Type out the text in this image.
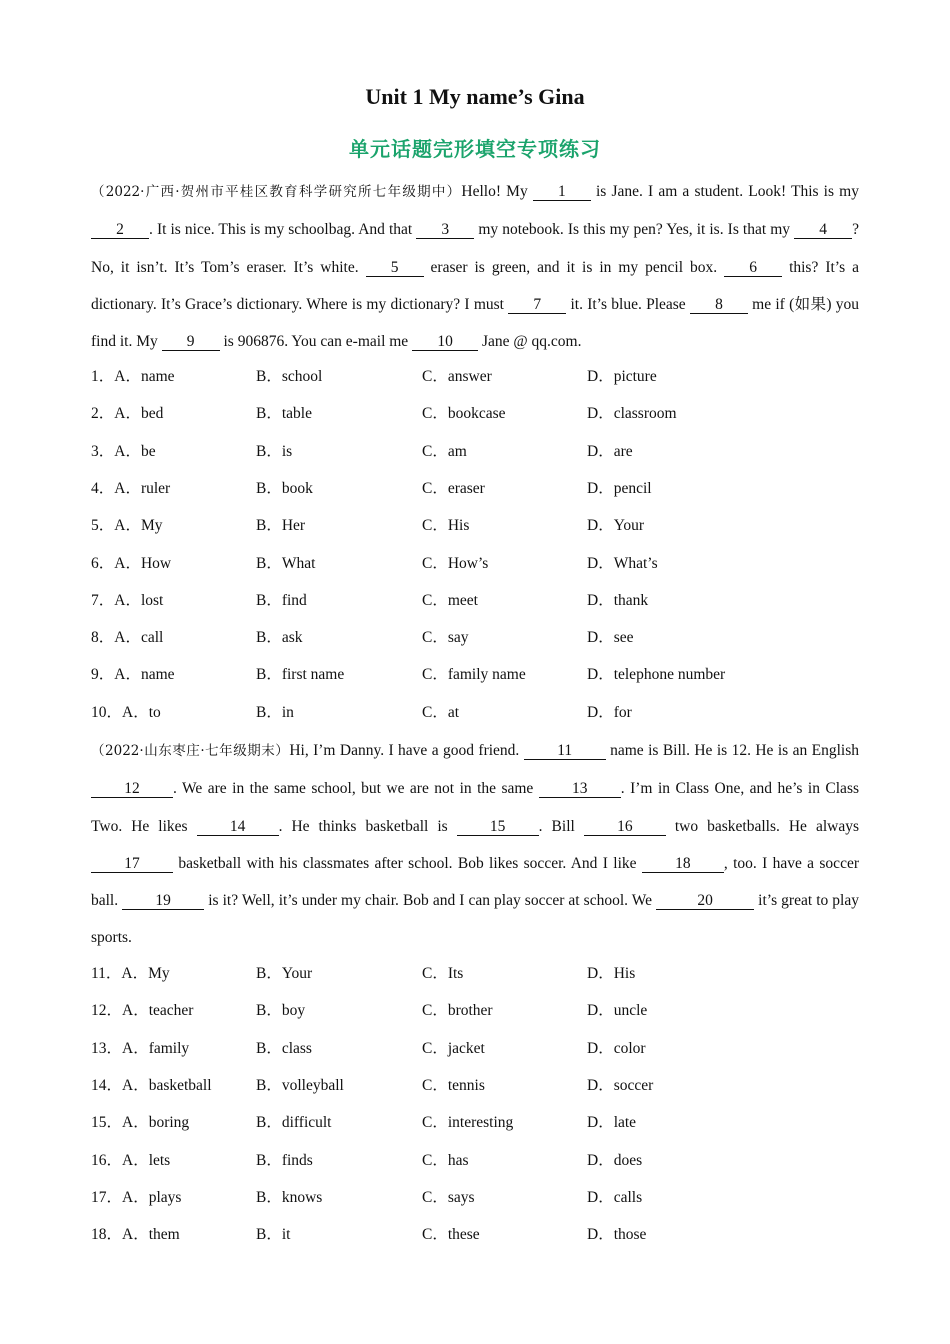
Unit 1 My name’s Gina
单元话题完形填空专项练习

（2022·广西·贺州市平桂区教育科学研究所七年级期中）Hello! My 1 is Jane. I am a student. Look! This is my 2 . It is nice. This is my schoolbag. And that 3 my notebook. Is this my pen? Yes, it is. Is that my 4 ? No, it isn’t. It’s Tom’s eraser. It’s white. 5 eraser is green, and it is in my pencil box. 6 this? It’s a dictionary. It’s Grace’s dictionary. Where is my dictionary? I must 7 it. It’s blue. Please 8 me if (如果) you find it. My 9 is 906876. You can e-mail me 10 Jane @ qq.com.

1．A．name	B．school	C．answer	D．picture
2．A．bed	B．table	C．bookcase	D．classroom
3．A．be	B．is	C．am	D．are
4．A．ruler	B．book	C．eraser	D．pencil
5．A．My	B．Her	C．His	D．Your
6．A．How	B．What	C．How’s	D．What’s
7．A．lost	B．find	C．meet	D．thank
8．A．call	B．ask	C．say	D．see
9．A．name	B．first name	C．family name	D．telephone number
10．A．to	B．in	C．at	D．for

（2022·山东枣庄·七年级期末）Hi, I’m Danny. I have a good friend. 11 name is Bill. He is 12. He is an English 12 . We are in the same school, but we are not in the same 13 . I’m in Class One, and he’s in Class Two. He likes 14 . He thinks basketball is 15 . Bill 16 two basketballs. He always 17 basketball with his classmates after school. Bob likes soccer. And I like 18 , too. I have a soccer ball. 19 is it? Well, it’s under my chair. Bob and I can play soccer at school. We	20	it’s great to play sports.

11．A．My	B．Your	C．Its	D．His
12．A．teacher	B．boy	C．brother	D．uncle
13．A．family	B．class	C．jacket	D．color
14．A．basketball	B．volleyball	C．tennis	D．soccer
15．A．boring	B．difficult	C．interesting	D．late
16．A．lets	B．finds	C．has	D．does
17．A．plays	B．knows	C．says	D．calls
18．A．them	B．it	C．these	D．those
